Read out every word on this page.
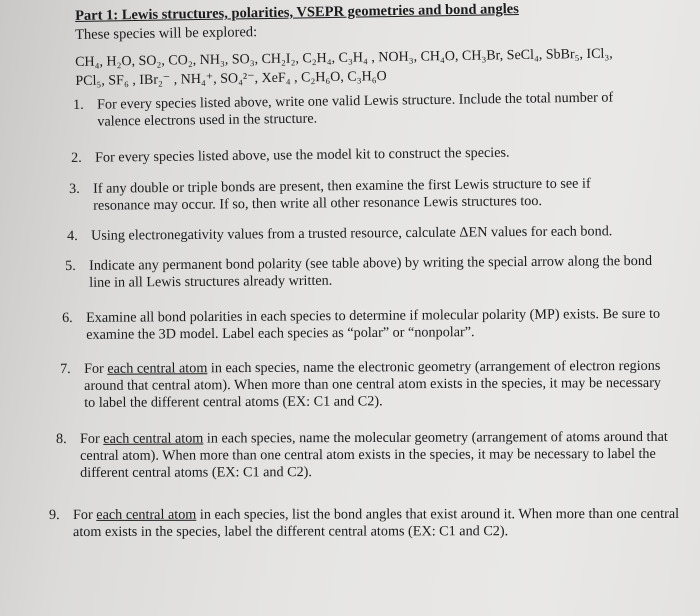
Part 1: Lewis structures, polarities, VSEPR geometries and bond angles
These species will be explored:
CH₄, H₂O, SO₂, CO₂, NH₃, SO₃, CH₂I₂, C₂H₄, C₃H₄ , NOH₃, CH₄O, CH₃Br, SeCl₄, SbBr₅, ICl₃,
PCl₅, SF₆ , IBr₂⁻ , NH₄⁺, SO₄²⁻, XeF₄ , C₂H₆O, C₃H₆O
1. For every species listed above, write one valid Lewis structure. Include the total number of valence electrons used in the structure.
2. For every species listed above, use the model kit to construct the species.
3. If any double or triple bonds are present, then examine the first Lewis structure to see if resonance may occur. If so, then write all other resonance Lewis structures too.
4. Using electronegativity values from a trusted resource, calculate ΔEN values for each bond.
5. Indicate any permanent bond polarity (see table above) by writing the special arrow along the bond line in all Lewis structures already written.
6. Examine all bond polarities in each species to determine if molecular polarity (MP) exists. Be sure to examine the 3D model. Label each species as “polar” or “nonpolar”.
7. For each central atom in each species, name the electronic geometry (arrangement of electron regions around that central atom). When more than one central atom exists in the species, it may be necessary to label the different central atoms (EX: C1 and C2).
8. For each central atom in each species, name the molecular geometry (arrangement of atoms around that central atom). When more than one central atom exists in the species, it may be necessary to label the different central atoms (EX: C1 and C2).
9. For each central atom in each species, list the bond angles that exist around it. When more than one central atom exists in the species, label the different central atoms (EX: C1 and C2).
